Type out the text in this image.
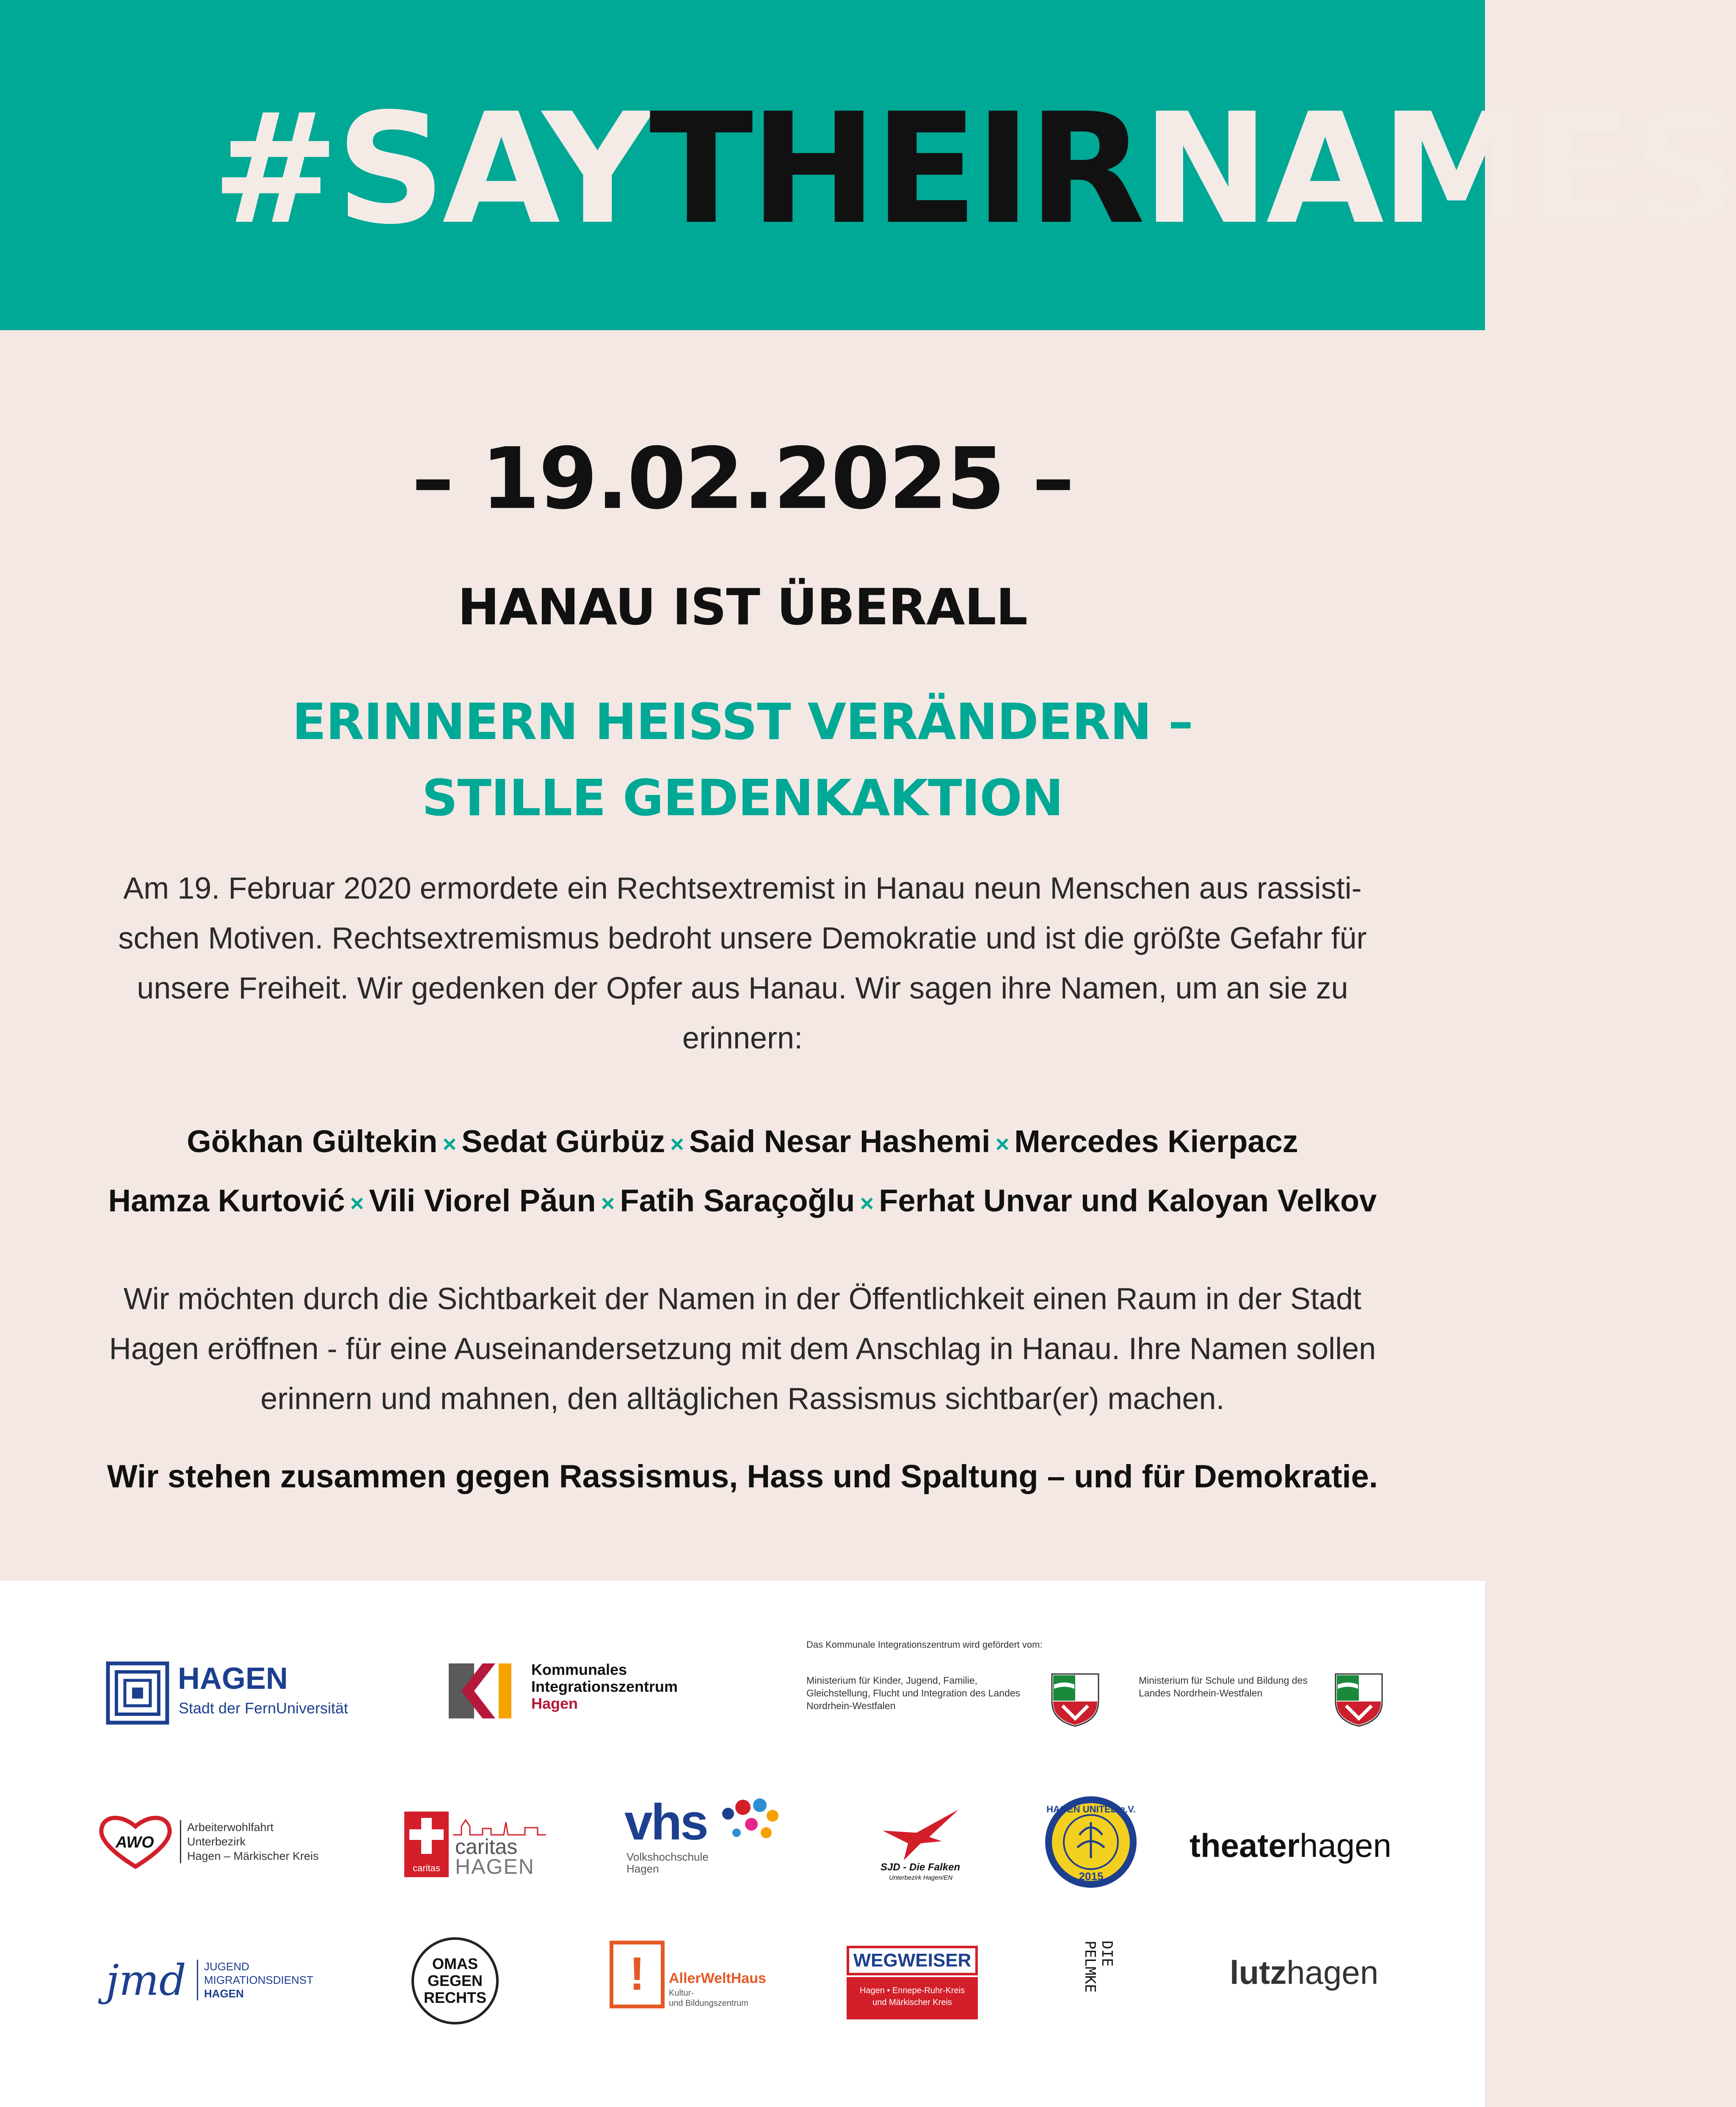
#SAYTHEIRNAMES
– 19.02.2025 –
HANAU IST ÜBERALL
ERINNERN HEISST VERÄNDERN –
STILLE GEDENKAKTION
Am 19. Februar 2020 ermordete ein Rechtsextremist in Hanau neun Menschen aus rassisti-schen Motiven. Rechtsextremismus bedroht unsere Demokratie und ist die größte Gefahr für unsere Freiheit. Wir gedenken der Opfer aus Hanau. Wir sagen ihre Namen, um an sie zu erinnern:
Gökhan Gültekin × Sedat Gürbüz × Said Nesar Hashemi × Mercedes Kierpacz
Hamza Kurtović × Vili Viorel Păun × Fatih Saraçoğlu × Ferhat Unvar und Kaloyan Velkov
Wir möchten durch die Sichtbarkeit der Namen in der Öffentlichkeit einen Raum in der Stadt Hagen eröffnen - für eine Auseinandersetzung mit dem Anschlag in Hanau. Ihre Namen sollen erinnern und mahnen, den alltäglichen Rassismus sichtbar(er) machen.
Wir stehen zusammen gegen Rassismus, Hass und Spaltung – und für Demokratie.
HAGEN
Stadt der FernUniversität
Kommunales
Integrationszentrum
Hagen
Das Kommunale Integrationszentrum wird gefördert vom:
Ministerium für Kinder, Jugend, Familie, Gleichstellung, Flucht und Integration des Landes Nordrhein-Westfalen
Ministerium für Schule und Bildung des Landes Nordrhein-Westfalen
AWO
Arbeiterwohlfahrt
Unterbezirk
Hagen – Märkischer Kreis
caritas
caritas
HAGEN
vhs
Volkshochschule
Hagen	SJD - Die Falken
Unterbezirk Hagen/EN
HAGEN UNITED e.V.
2015
theaterhagen
jmd JUGEND
MIGRATIONSDIENST
HAGEN
OMAS
GEGEN
RECHTS	!	AllerWeltHaus
Kultur-
und Bildungszentrum
WEGWEISER
Hagen • Ennepe-Ruhr-Kreis
und Märkischer Kreis
DIE
PELMKE	lutzhagen
